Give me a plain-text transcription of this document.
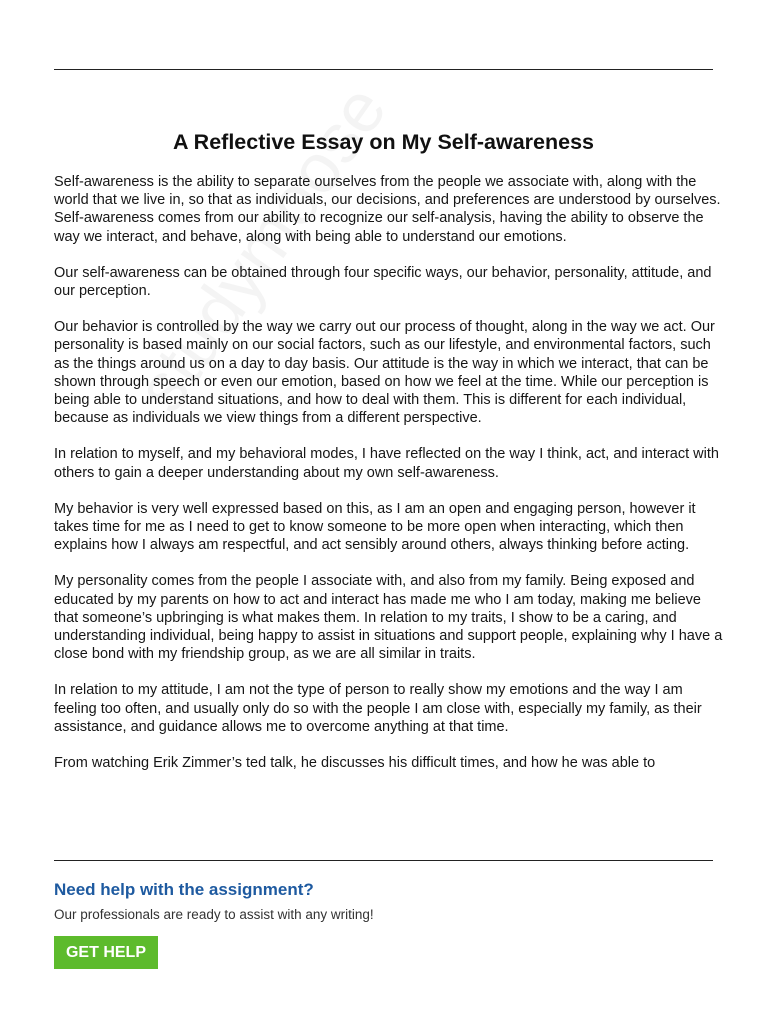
A Reflective Essay on My Self-awareness

Self-awareness is the ability to separate ourselves from the people we associate with, along with the world that we live in, so that as individuals, our decisions, and preferences are understood by ourselves. Self-awareness comes from our ability to recognize our self-analysis, having the ability to observe the way we interact, and behave, along with being able to understand our emotions.

Our self-awareness can be obtained through four specific ways, our behavior, personality, attitude, and our perception.

Our behavior is controlled by the way we carry out our process of thought, along in the way we act. Our personality is based mainly on our social factors, such as our lifestyle, and environmental factors, such as the things around us on a day to day basis. Our attitude is the way in which we interact, that can be shown through speech or even our emotion, based on how we feel at the time. While our perception is being able to understand situations, and how to deal with them. This is different for each individual, because as individuals we view things from a different perspective.

In relation to myself, and my behavioral modes, I have reflected on the way I think, act, and interact with others to gain a deeper understanding about my own self-awareness.

My behavior is very well expressed based on this, as I am an open and engaging person, however it takes time for me as I need to get to know someone to be more open when interacting, which then explains how I always am respectful, and act sensibly around others, always thinking before acting.

My personality comes from the people I associate with, and also from my family. Being exposed and educated by my parents on how to act and interact has made me who I am today, making me believe that someone’s upbringing is what makes them. In relation to my traits, I show to be a caring, and understanding individual, being happy to assist in situations and support people, explaining why I have a close bond with my friendship group, as we are all similar in traits.

In relation to my attitude, I am not the type of person to really show my emotions and the way I am feeling too often, and usually only do so with the people I am close with, especially my family, as their assistance, and guidance allows me to overcome anything at that time.

From watching Erik Zimmer’s ted talk, he discusses his difficult times, and how he was able to

Need help with the assignment?

Our professionals are ready to assist with any writing!

GET HELP
